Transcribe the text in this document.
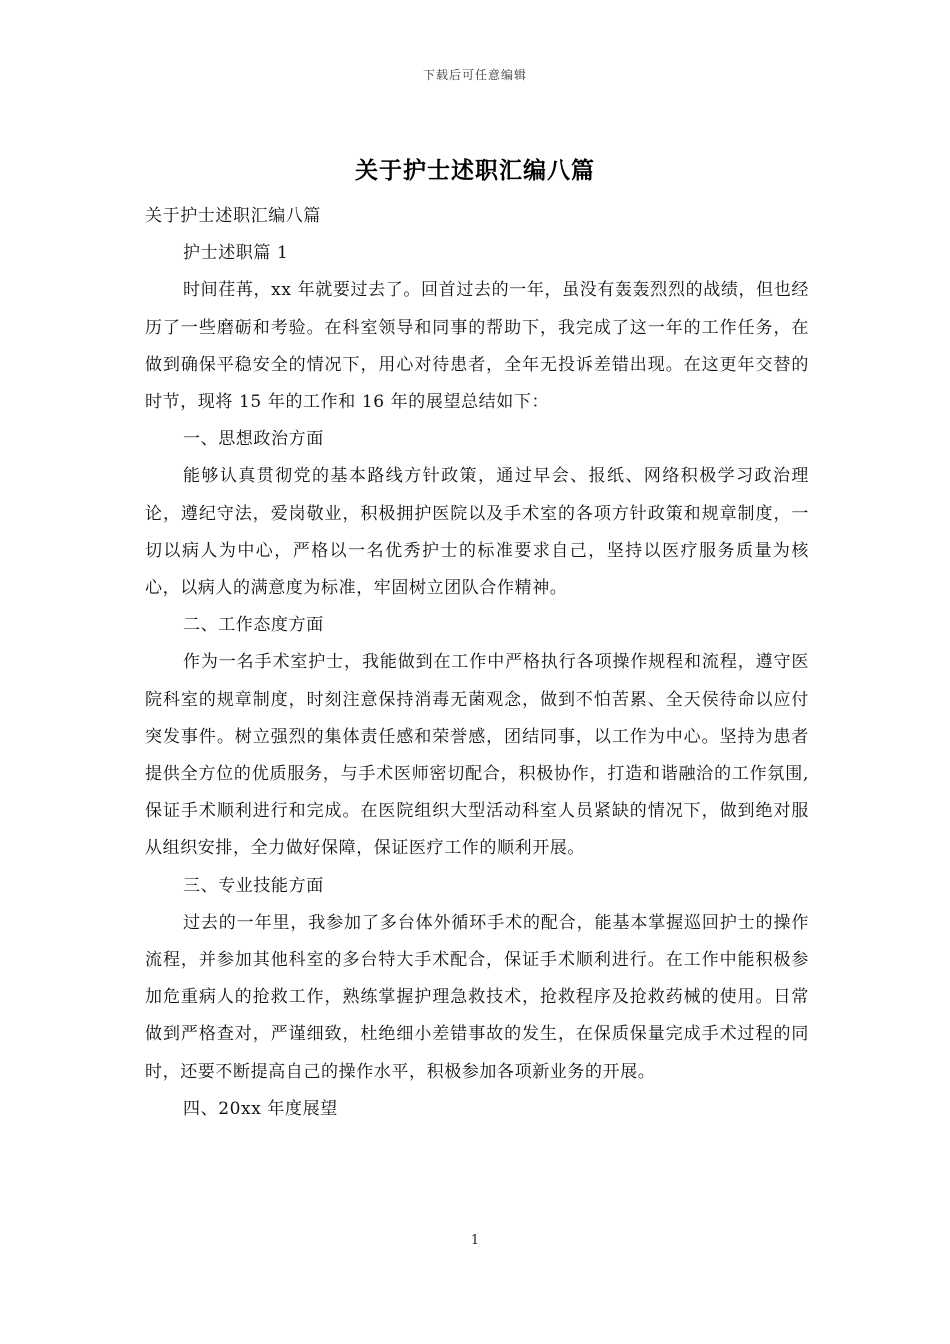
下载后可任意编辑
关于护士述职汇编八篇

关于护士述职汇编八篇

护士述职篇 1

时间荏苒，xx 年就要过去了。回首过去的一年，虽没有轰轰烈烈的战绩，但也经历了一些磨砺和考验。在科室领导和同事的帮助下，我完成了这一年的工作任务，在做到确保平稳安全的情况下，用心对待患者，全年无投诉差错出现。在这更年交替的时节，现将 15 年的工作和 16 年的展望总结如下：

一、思想政治方面

能够认真贯彻党的基本路线方针政策，通过早会、报纸、网络积极学习政治理论，遵纪守法，爱岗敬业，积极拥护医院以及手术室的各项方针政策和规章制度，一切以病人为中心，严格以一名优秀护士的标准要求自己，坚持以医疗服务质量为核心，以病人的满意度为标准，牢固树立团队合作精神。

二、工作态度方面

作为一名手术室护士，我能做到在工作中严格执行各项操作规程和流程，遵守医院科室的规章制度，时刻注意保持消毒无菌观念，做到不怕苦累、全天侯待命以应付突发事件。树立强烈的集体责任感和荣誉感，团结同事，以工作为中心。坚持为患者提供全方位的优质服务，与手术医师密切配合，积极协作，打造和谐融洽的工作氛围,保证手术顺利进行和完成。在医院组织大型活动科室人员紧缺的情况下，做到绝对服从组织安排，全力做好保障，保证医疗工作的顺利开展。

三、专业技能方面

过去的一年里，我参加了多台体外循环手术的配合，能基本掌握巡回护士的操作流程，并参加其他科室的多台特大手术配合，保证手术顺利进行。在工作中能积极参加危重病人的抢救工作，熟练掌握护理急救技术，抢救程序及抢救药械的使用。日常做到严格查对，严谨细致，杜绝细小差错事故的发生，在保质保量完成手术过程的同时，还要不断提高自己的操作水平，积极参加各项新业务的开展。

四、20xx 年度展望

1
